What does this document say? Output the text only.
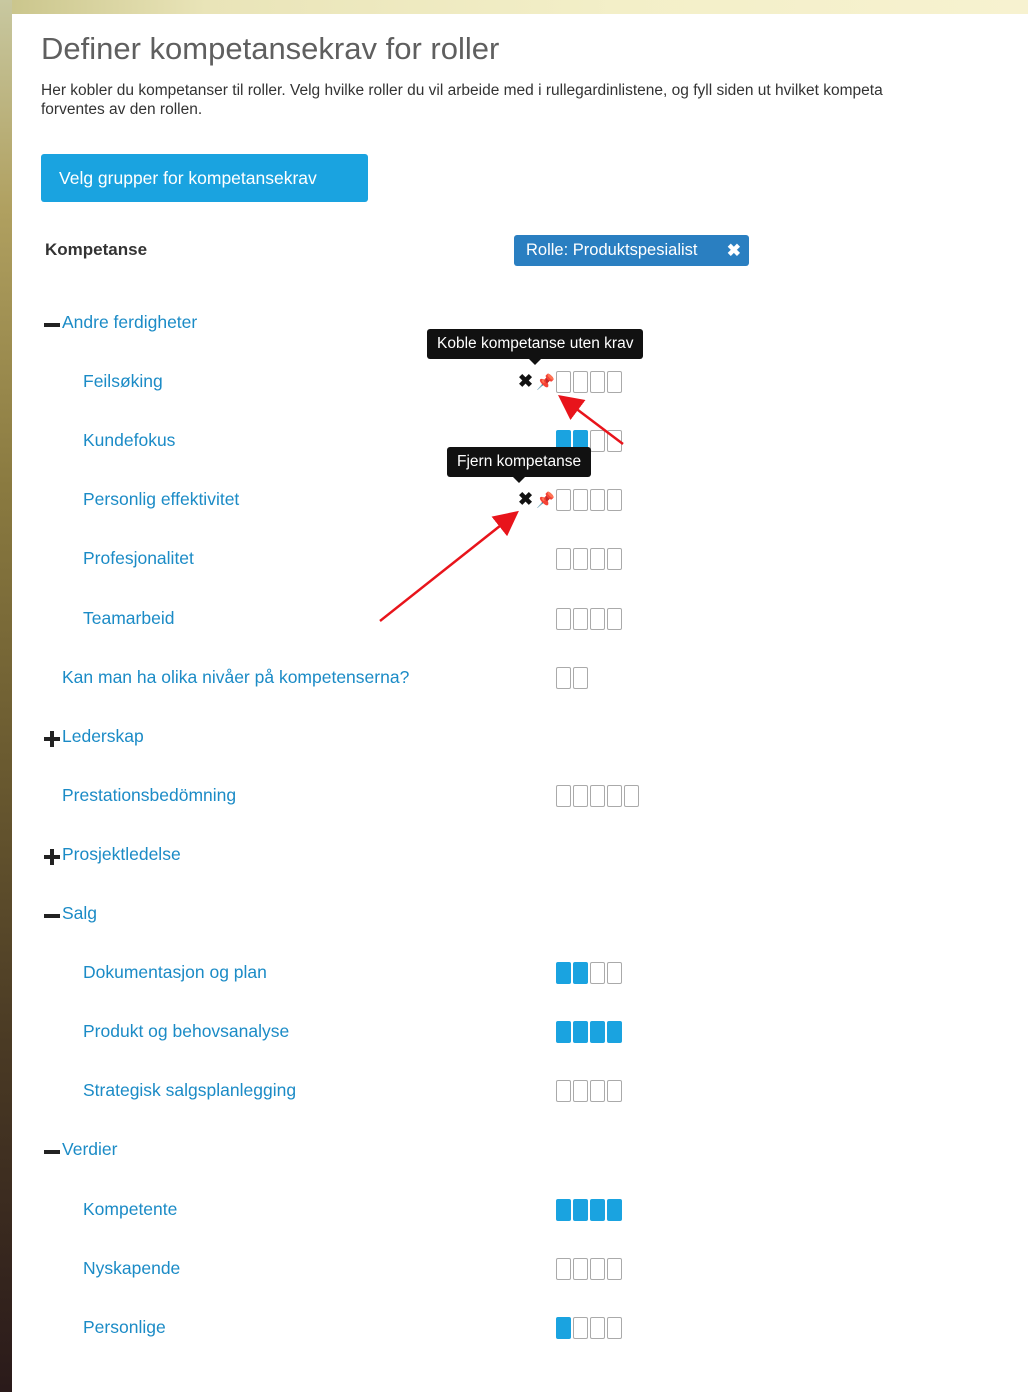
Definer kompetansekrav for roller

Her kobler du kompetanser til roller. Velg hvilke roller du vil arbeide med i rullegardinlistene, og fyll siden ut hvilket kompeta
forventes av den rollen.

Velg grupper for kompetansekrav
Kompetanse	Rolle: Produktspesialist ✖
Andre ferdigheter
Feilsøking	✖ 📌
Kundefokus
Personlig effektivitet	✖ 📌
Profesjonalitet
Teamarbeid
Kan man ha olika nivåer på kompetenserna?
Lederskap
Prestationsbedömning
Prosjektledelse
Salg
Dokumentasjon og plan
Produkt og behovsanalyse
Strategisk salgsplanlegging
Verdier
Kompetente
Nyskapende
Personlige
Koble kompetanse uten krav
Fjern kompetanse
